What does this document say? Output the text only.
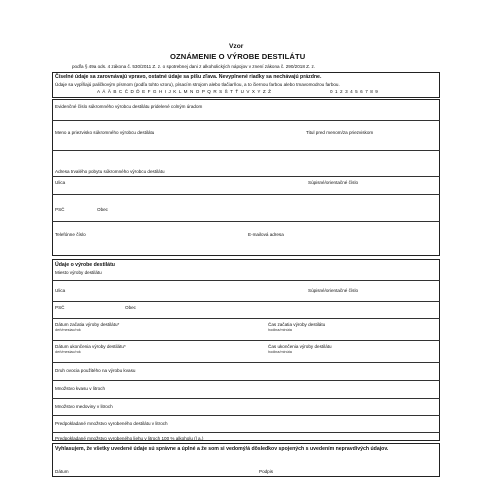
Vzor
OZNÁMENIE O VÝROBE DESTILÁTU
podľa § 49a ods. 4 zákona č. 530/2011 Z. z. o spotrebnej dani z alkoholických nápojov v znení zákona č. 290/2018 Z. z.
Číselné údaje sa zarovnávajú vpravo, ostatné údaje sa píšu zľava. Nevyplnené riadky sa nechávajú prázdne.
Údaje sa vypĺňajú paličkovým písmom (podľa tohto vzoru), písacím strojom alebo tlačiarňou, a to čiernou farbou alebo tmavomodrou farbou.
A Á Ä B C Č D Ď E F G H I J K L M N O P Q R S Š T Ť U V X Y Z Ž	0 1 2 3 4 5 6 7 8 9
Evidenčné číslo súkromného výrobcu destilátu pridelené colným úradom
Meno a priezvisko súkromného výrobcu destilátu	Titul pred menom/za priezviskom
Adresa trvalého pobytu súkromného výrobcu destilátu
Ulica	Súpisné/orientačné číslo
PSČ	Obec
Telefónne číslo	E-mailová adresa
Údaje o výrobe destilátu
Miesto výroby destilátu
Ulica	Súpisné/orientačné číslo
PSČ	Obec
Dátum začatia výroby destilátu*
deň/mesiac/rok
Čas začatia výroby destilátu
hodina/minúta
Dátum ukončenia výroby destilátu*
deň/mesiac/rok
Čas ukončenia výroby destilátu
hodina/minúta
Druh ovocia použitého na výrobu kvasu
Množstvo kvasu v litroch
Množstvo medoviny v litroch
Predpokladané množstvo vyrobeného destilátu v litroch
Predpokladané množstvo vyrobeného liehu v litroch 100 % alkoholu (l a.)
Vyhlasujem, že všetky uvedené údaje sú správne a úplné a že som si vedomý/á dôsledkov spojených s uvedením nepravdivých údajov.
Dátum	Podpis
